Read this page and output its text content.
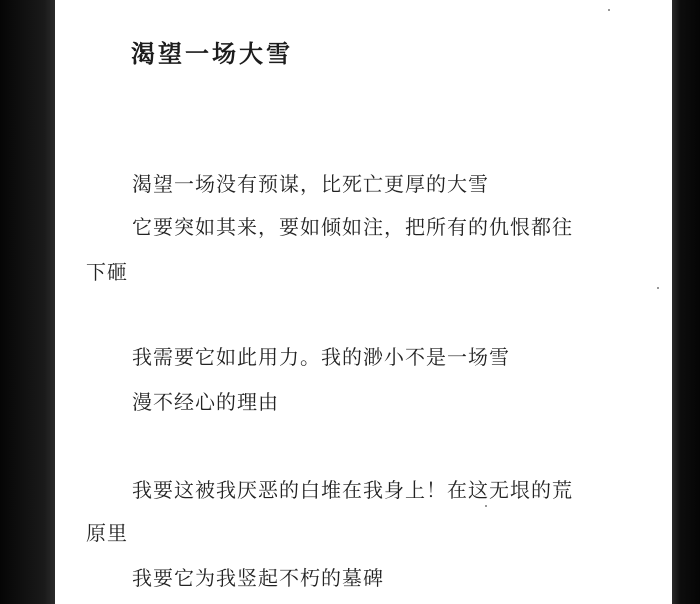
渴望一场大雪
渴望一场没有预谋，比死亡更厚的大雪
它要突如其来，要如倾如注，把所有的仇恨都往
下砸
我需要它如此用力。我的渺小不是一场雪
漫不经心的理由
我要这被我厌恶的白堆在我身上！在这无垠的荒
原里
我要它为我竖起不朽的墓碑
